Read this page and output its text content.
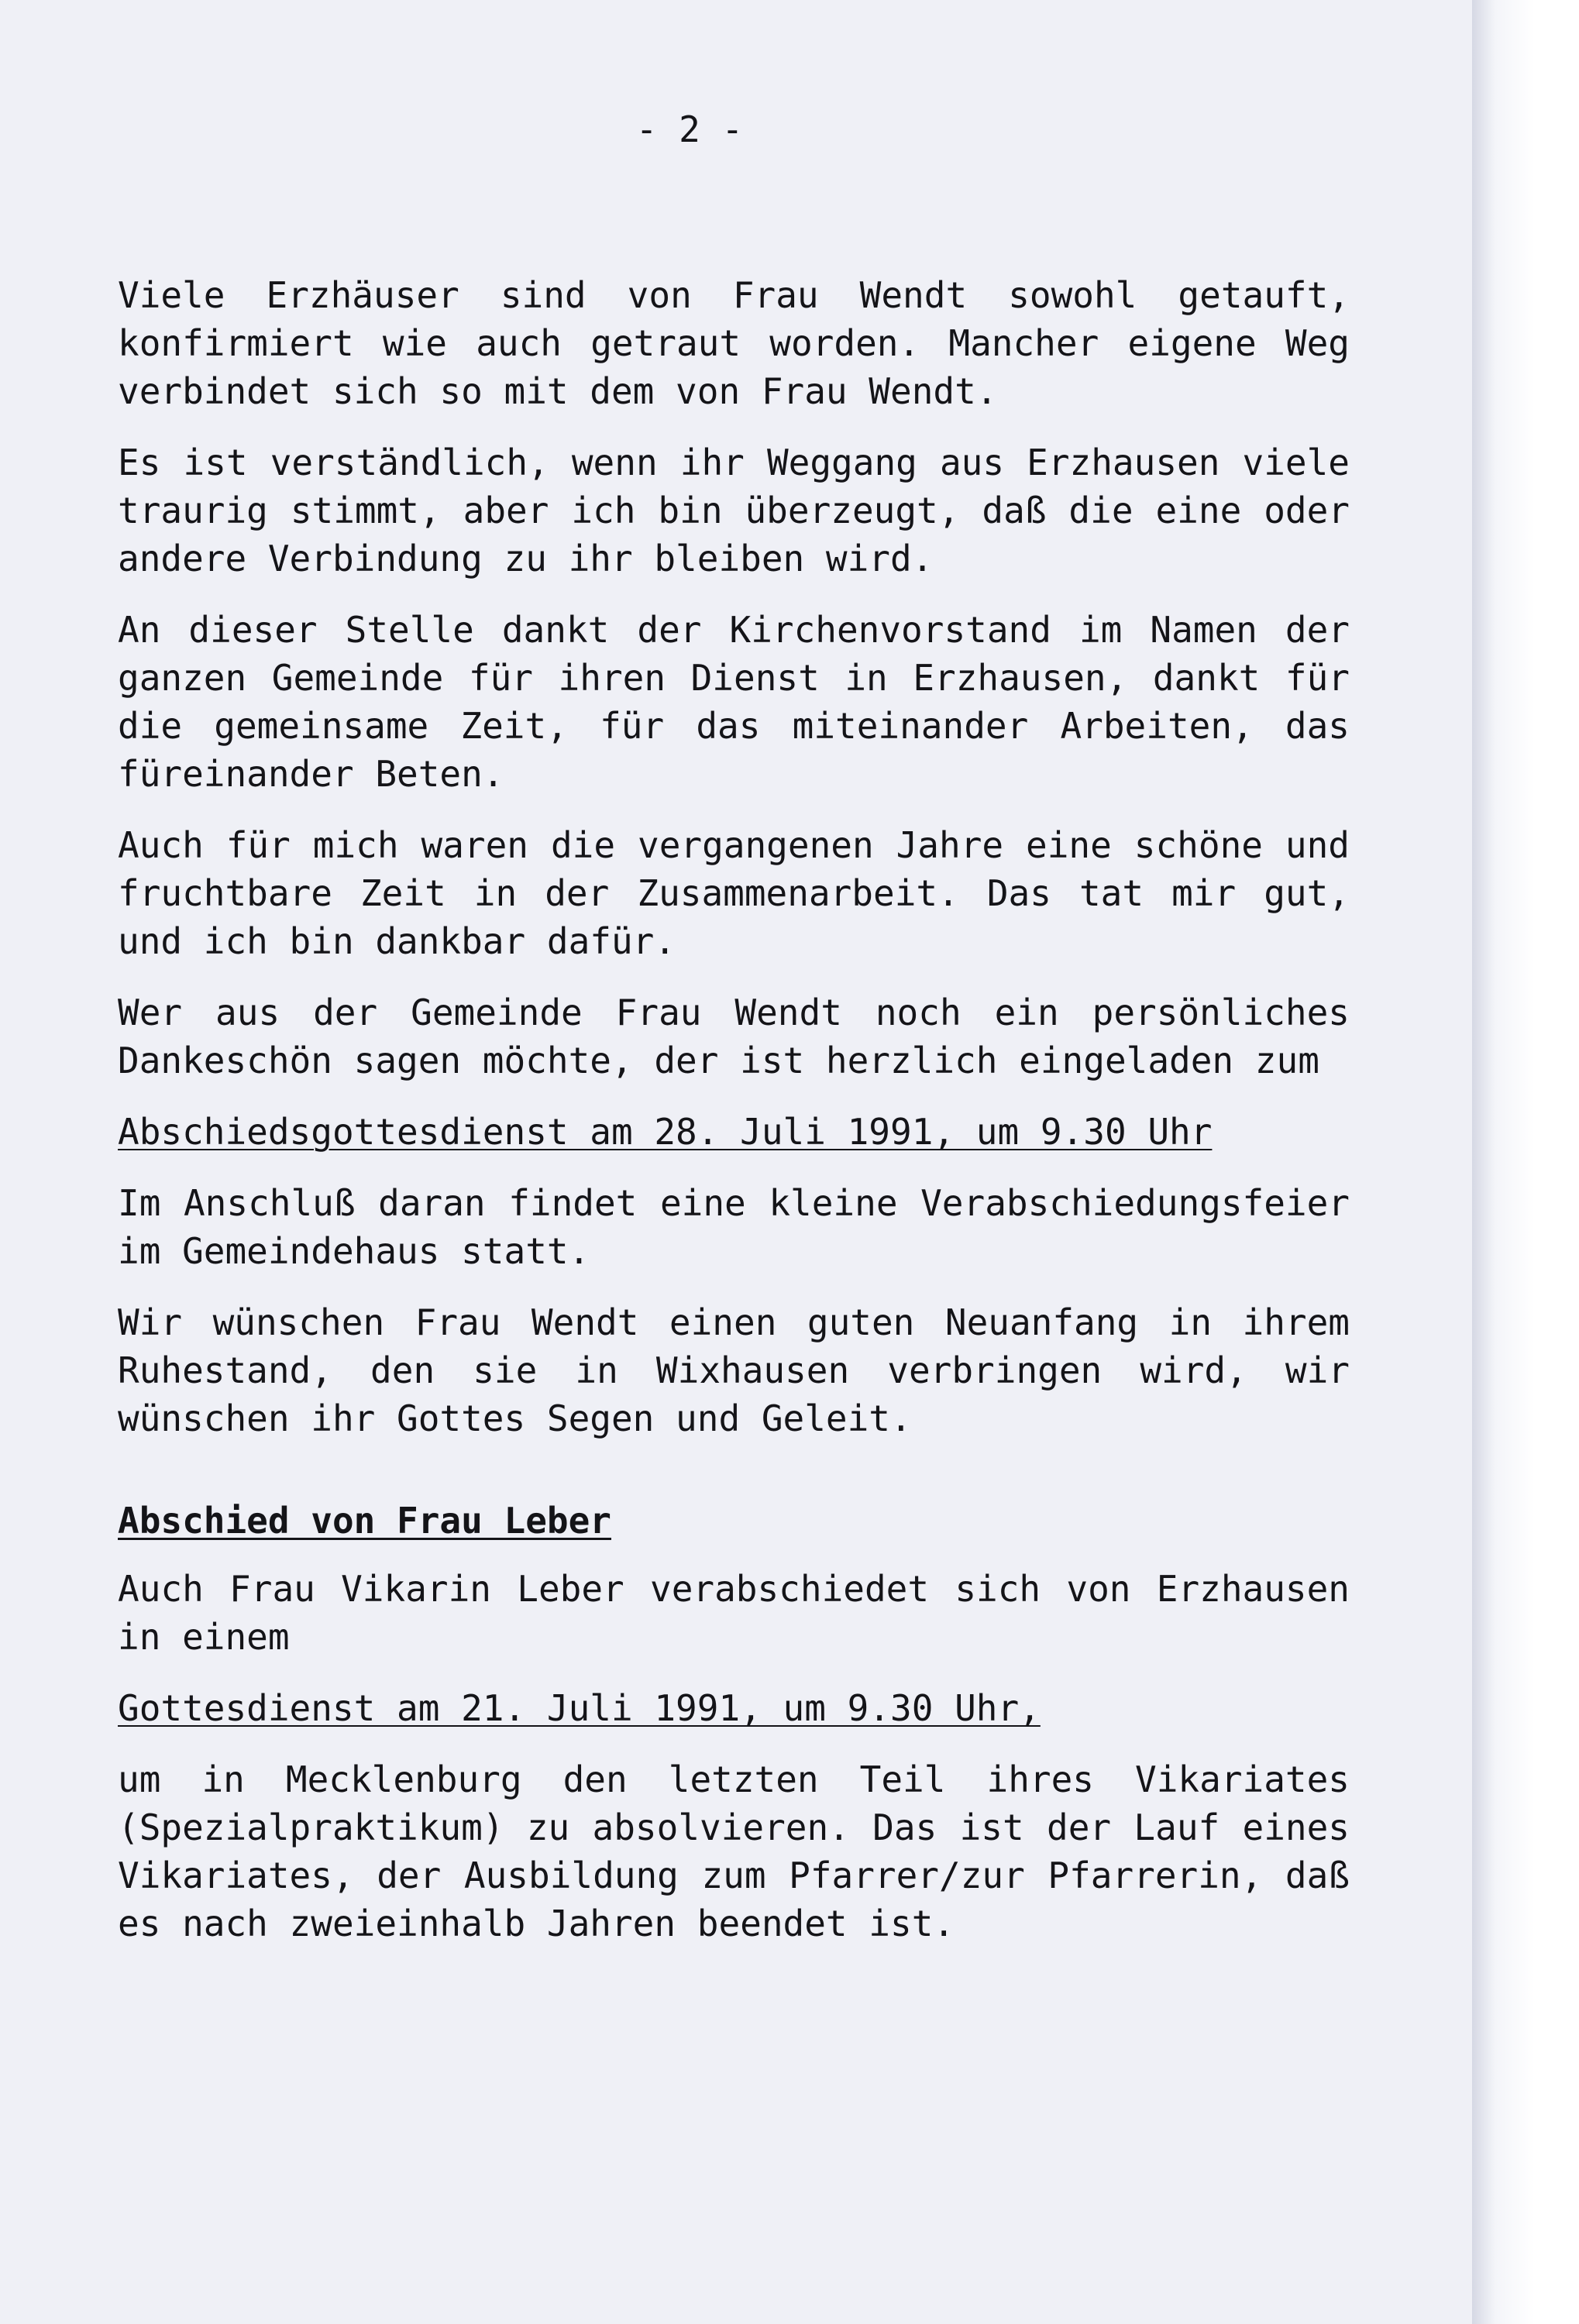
- 2 -

Viele Erzhäuser sind von Frau Wendt sowohl getauft, konfirmiert wie auch getraut worden. Mancher eigene Weg verbindet sich so mit dem von Frau Wendt.

Es ist verständlich, wenn ihr Weggang aus Erzhausen viele traurig stimmt, aber ich bin überzeugt, daß die eine oder andere Verbindung zu ihr bleiben wird.

An dieser Stelle dankt der Kirchenvorstand im Namen der ganzen Gemeinde für ihren Dienst in Erzhausen, dankt für die gemeinsame Zeit, für das miteinander Arbeiten, das füreinander Beten.

Auch für mich waren die vergangenen Jahre eine schöne und fruchtbare Zeit in der Zusammenarbeit. Das tat mir gut, und ich bin dankbar dafür.

Wer aus der Gemeinde Frau Wendt noch ein persönliches Dankeschön sagen möchte, der ist herzlich eingeladen zum

Abschiedsgottesdienst am 28. Juli 1991, um 9.30 Uhr

Im Anschluß daran findet eine kleine Verabschiedungsfeier im Gemeindehaus statt.

Wir wünschen Frau Wendt einen guten Neuanfang in ihrem Ruhestand, den sie in Wixhausen verbringen wird, wir wünschen ihr Gottes Segen und Geleit.

Abschied von Frau Leber

Auch Frau Vikarin Leber verabschiedet sich von Erzhausen in einem

Gottesdienst am 21. Juli 1991, um 9.30 Uhr,

um in Mecklenburg den letzten Teil ihres Vikariates (Spezialpraktikum) zu absolvieren. Das ist der Lauf eines Vikariates, der Ausbildung zum Pfarrer/zur Pfarrerin, daß es nach zweieinhalb Jahren beendet ist.
